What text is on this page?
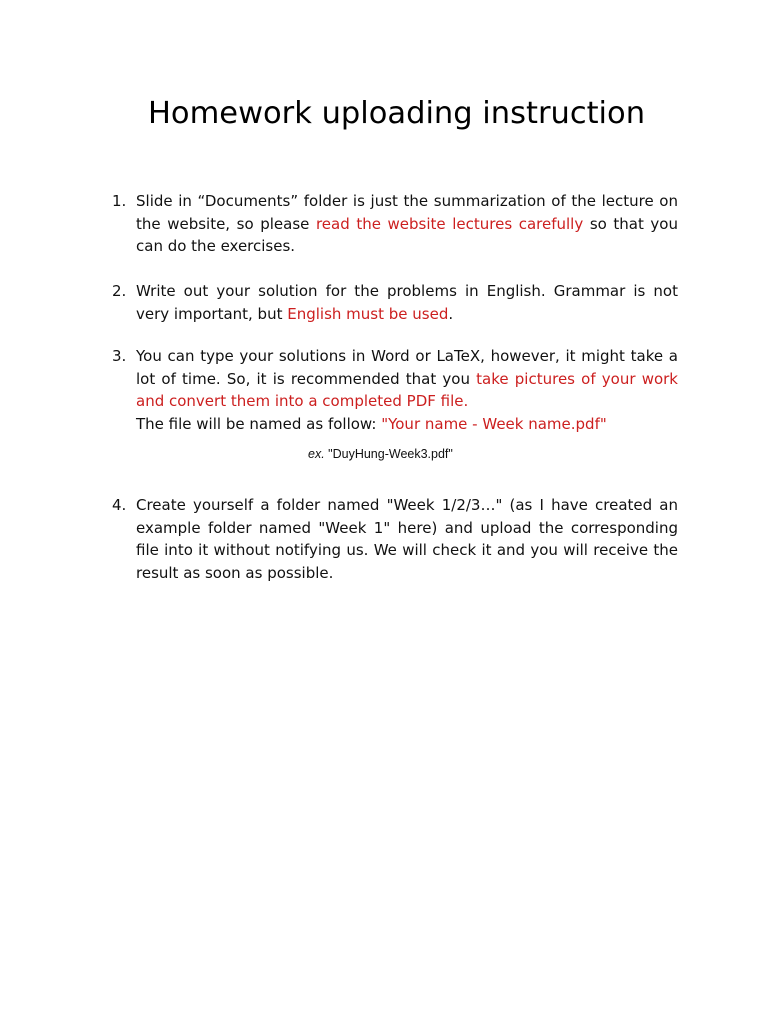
Homework uploading instruction
1. Slide in “Documents” folder is just the summarization of the lecture on the website, so please read the website lectures carefully so that you can do the exercises.
2. Write out your solution for the problems in English. Grammar is not very important, but English must be used.
3. You can type your solutions in Word or LaTeX, however, it might take a lot of time. So, it is recommended that you take pictures of your work and convert them into a completed PDF file.
The file will be named as follow: "Your name - Week name.pdf"
4. Create yourself a folder named "Week 1/2/3…" (as I have created an example folder named "Week 1" here) and upload the corresponding file into it without notifying us. We will check it and you will receive the result as soon as possible.
ex. "DuyHung-Week3.pdf"
